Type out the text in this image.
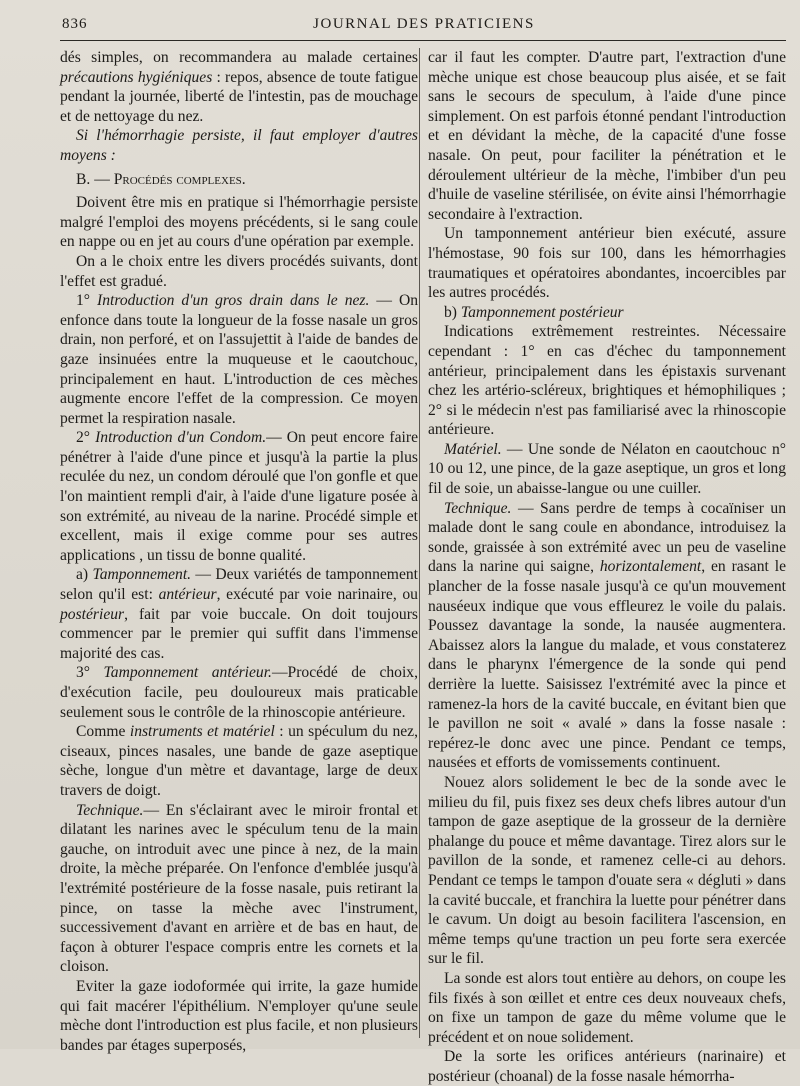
836	JOURNAL DES PRATICIENS

dés simples, on recommandera au malade certaines précautions hygiéniques : repos, absence de toute fatigue pendant la journée, liberté de l'intestin, pas de mouchage et de nettoyage du nez.

Si l'hémorrhagie persiste, il faut employer d'autres moyens :

B. — Procédés complexes.

Doivent être mis en pratique si l'hémorrhagie persiste malgré l'emploi des moyens précédents, si le sang coule en nappe ou en jet au cours d'une opération par exemple.

On a le choix entre les divers procédés suivants, dont l'effet est gradué.

1° Introduction d'un gros drain dans le nez. — On enfonce dans toute la longueur de la fosse nasale un gros drain, non perforé, et on l'assujettit à l'aide de bandes de gaze insinuées entre la muqueuse et le caoutchouc, principalement en haut. L'introduction de ces mèches augmente encore l'effet de la compression. Ce moyen permet la respiration nasale.

2° Introduction d'un Condom.— On peut encore faire pénétrer à l'aide d'une pince et jusqu'à la partie la plus reculée du nez, un condom déroulé que l'on gonfle et que l'on maintient rempli d'air, à l'aide d'une ligature posée à son extrémité, au niveau de la narine. Procédé simple et excellent, mais il exige comme pour ses autres applications , un tissu de bonne qualité.

a) Tamponnement. — Deux variétés de tamponnement selon qu'il est: antérieur, exécuté par voie narinaire, ou postérieur, fait par voie buccale. On doit toujours commencer par le premier qui suffit dans l'immense majorité des cas.

3° Tamponnement antérieur.—Procédé de choix, d'exécution facile, peu douloureux mais praticable seulement sous le contrôle de la rhinoscopie antérieure.

Comme instruments et matériel : un spéculum du nez, ciseaux, pinces nasales, une bande de gaze aseptique sèche, longue d'un mètre et davantage, large de deux travers de doigt.

Technique.— En s'éclairant avec le miroir frontal et dilatant les narines avec le spéculum tenu de la main gauche, on introduit avec une pince à nez, de la main droite, la mèche préparée. On l'enfonce d'emblée jusqu'à l'extrémité postérieure de la fosse nasale, puis retirant la pince, on tasse la mèche avec l'instrument, successivement d'avant en arrière et de bas en haut, de façon à obturer l'espace compris entre les cornets et la cloison.

Eviter la gaze iodoformée qui irrite, la gaze humide qui fait macérer l'épithélium. N'employer qu'une seule mèche dont l'introduction est plus facile, et non plusieurs bandes par étages superposés,

car il faut les compter. D'autre part, l'extraction d'une mèche unique est chose beaucoup plus aisée, et se fait sans le secours de speculum, à l'aide d'une pince simplement. On est parfois étonné pendant l'introduction et en dévidant la mèche, de la capacité d'une fosse nasale. On peut, pour faciliter la pénétration et le déroulement ultérieur de la mèche, l'imbiber d'un peu d'huile de vaseline stérilisée, on évite ainsi l'hémorrhagie secondaire à l'extraction.

Un tamponnement antérieur bien exécuté, assure l'hémostase, 90 fois sur 100, dans les hémorrhagies traumatiques et opératoires abondantes, incoercibles par les autres procédés.

b) Tamponnement postérieur

Indications extrêmement restreintes. Nécessaire cependant : 1° en cas d'échec du tamponnement antérieur, principalement dans les épistaxis survenant chez les artério-scléreux, brightiques et hémophiliques ; 2° si le médecin n'est pas familiarisé avec la rhinoscopie antérieure.

Matériel. — Une sonde de Nélaton en caoutchouc n° 10 ou 12, une pince, de la gaze aseptique, un gros et long fil de soie, un abaisse-langue ou une cuiller.

Technique. — Sans perdre de temps à cocaïniser un malade dont le sang coule en abondance, introduisez la sonde, graissée à son extrémité avec un peu de vaseline dans la narine qui saigne, horizontalement, en rasant le plancher de la fosse nasale jusqu'à ce qu'un mouvement nauséeux indique que vous effleurez le voile du palais. Poussez davantage la sonde, la nausée augmentera. Abaissez alors la langue du malade, et vous constaterez dans le pharynx l'émergence de la sonde qui pend derrière la luette. Saisissez l'extrémité avec la pince et ramenez-la hors de la cavité buccale, en évitant bien que le pavillon ne soit « avalé » dans la fosse nasale : repérez-le donc avec une pince. Pendant ce temps, nausées et efforts de vomissements continuent.

Nouez alors solidement le bec de la sonde avec le milieu du fil, puis fixez ses deux chefs libres autour d'un tampon de gaze aseptique de la grosseur de la dernière phalange du pouce et même davantage. Tirez alors sur le pavillon de la sonde, et ramenez celle-ci au dehors. Pendant ce temps le tampon d'ouate sera « dégluti » dans la cavité buccale, et franchira la luette pour pénétrer dans le cavum. Un doigt au besoin facilitera l'ascension, en même temps qu'une traction un peu forte sera exercée sur le fil.

La sonde est alors tout entière au dehors, on coupe les fils fixés à son œillet et entre ces deux nouveaux chefs, on fixe un tampon de gaze du même volume que le précédent et on noue solidement.

De la sorte les orifices antérieurs (narinaire) et postérieur (choanal) de la fosse nasale hémorrha-
